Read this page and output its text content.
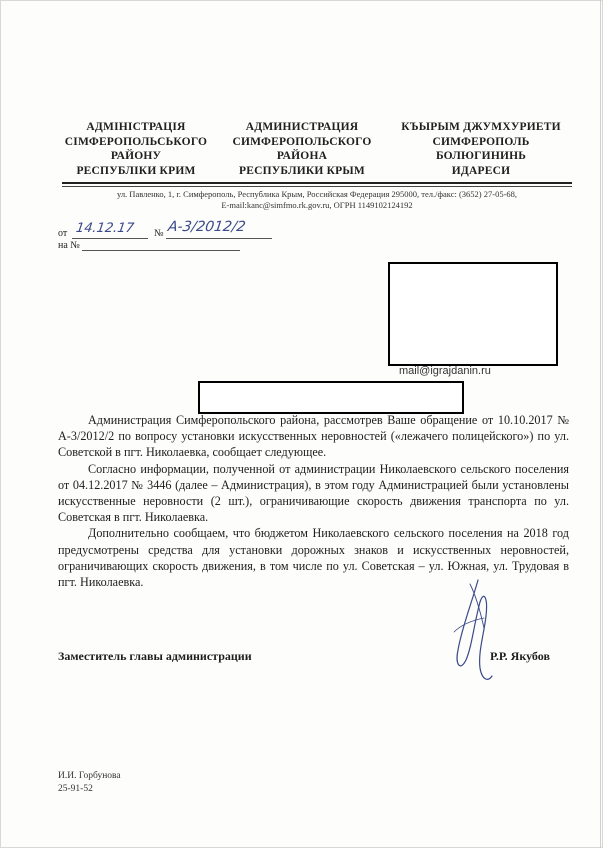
АДМІНІСТРАЦІЯ
СІМФЕРОПОЛЬСЬКОГО
РАЙОНУ
РЕСПУБЛІКИ КРИМ
АДМИНИСТРАЦИЯ
СИМФЕРОПОЛЬСКОГО
РАЙОНА
РЕСПУБЛИКИ КРЫМ
КЪЫРЫМ ДЖУМХУРИЕТИ
СИМФЕРОПОЛЬ
БОЛЮГИНИНЬ
ИДАРЕСИ
ул. Павленко, 1, г. Симферополь, Республика Крым, Российская Федерация 295000, тел./факс: (3652) 27-05-68,
E-mail:kanc@simfmo.rk.gov.ru, ОГРН 1149102124192
от 14.12.17 № А-3/2012/2
на №
mail@igrajdanin.ru

Администрация Симферопольского района, рассмотрев Ваше обращение от 10.10.2017 № А-3/2012/2 по вопросу установки искусственных неровностей («лежачего полицейского») по ул. Советской в пгт. Николаевка, сообщает следующее.

Согласно информации, полученной от администрации Николаевского сельского поселения от 04.12.2017 № 3446 (далее – Администрация), в этом году Администрацией были установлены искусственные неровности (2 шт.), ограничивающие скорость движения транспорта по ул. Советская в пгт. Николаевка.

Дополнительно сообщаем, что бюджетом Николаевского сельского поселения на 2018 год предусмотрены средства для установки дорожных знаков и искусственных неровностей, ограничивающих скорость движения, в том числе по ул. Советская – ул. Южная, ул. Трудовая в пгт. Николаевка.

Заместитель главы администрации	Р.Р. Якубов
И.И. Горбунова
25-91-52
